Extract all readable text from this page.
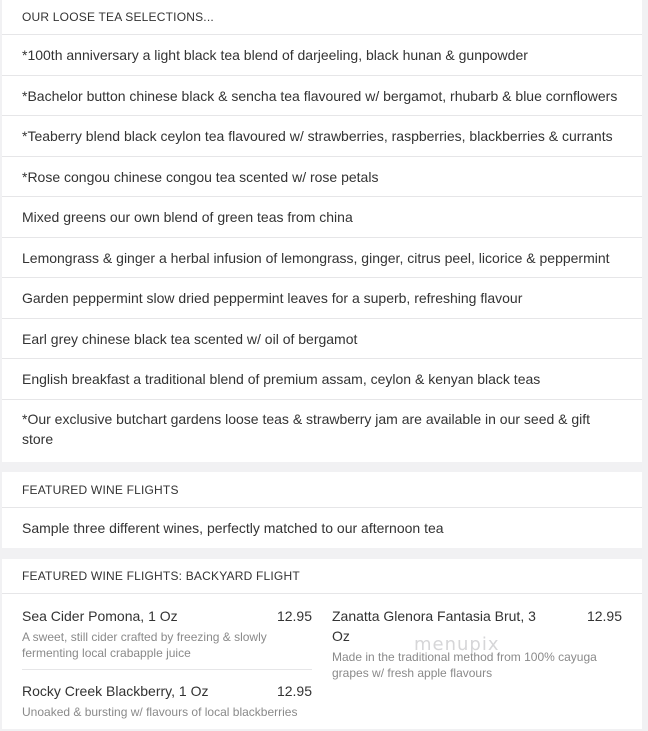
OUR LOOSE TEA SELECTIONS...
*100th anniversary a light black tea blend of darjeeling, black hunan & gunpowder
*Bachelor button chinese black & sencha tea flavoured w/ bergamot, rhubarb & blue cornflowers
*Teaberry blend black ceylon tea flavoured w/ strawberries, raspberries, blackberries & currants
*Rose congou chinese congou tea scented w/ rose petals
Mixed greens our own blend of green teas from china
Lemongrass & ginger a herbal infusion of lemongrass, ginger, citrus peel, licorice & peppermint
Garden peppermint slow dried peppermint leaves for a superb, refreshing flavour
Earl grey chinese black tea scented w/ oil of bergamot
English breakfast a traditional blend of premium assam, ceylon & kenyan black teas
*Our exclusive butchart gardens loose teas & strawberry jam are available in our seed & gift store
FEATURED WINE FLIGHTS
Sample three different wines, perfectly matched to our afternoon tea
FEATURED WINE FLIGHTS: BACKYARD FLIGHT
Sea Cider Pomona, 1 Oz	12.95
A sweet, still cider crafted by freezing & slowly fermenting local crabapple juice
Zanatta Glenora Fantasia Brut, 3 Oz
12.95
Made in the traditional method from 100% cayuga grapes w/ fresh apple flavours
Rocky Creek Blackberry, 1 Oz	12.95
Unoaked & bursting w/ flavours of local blackberries
menupix
